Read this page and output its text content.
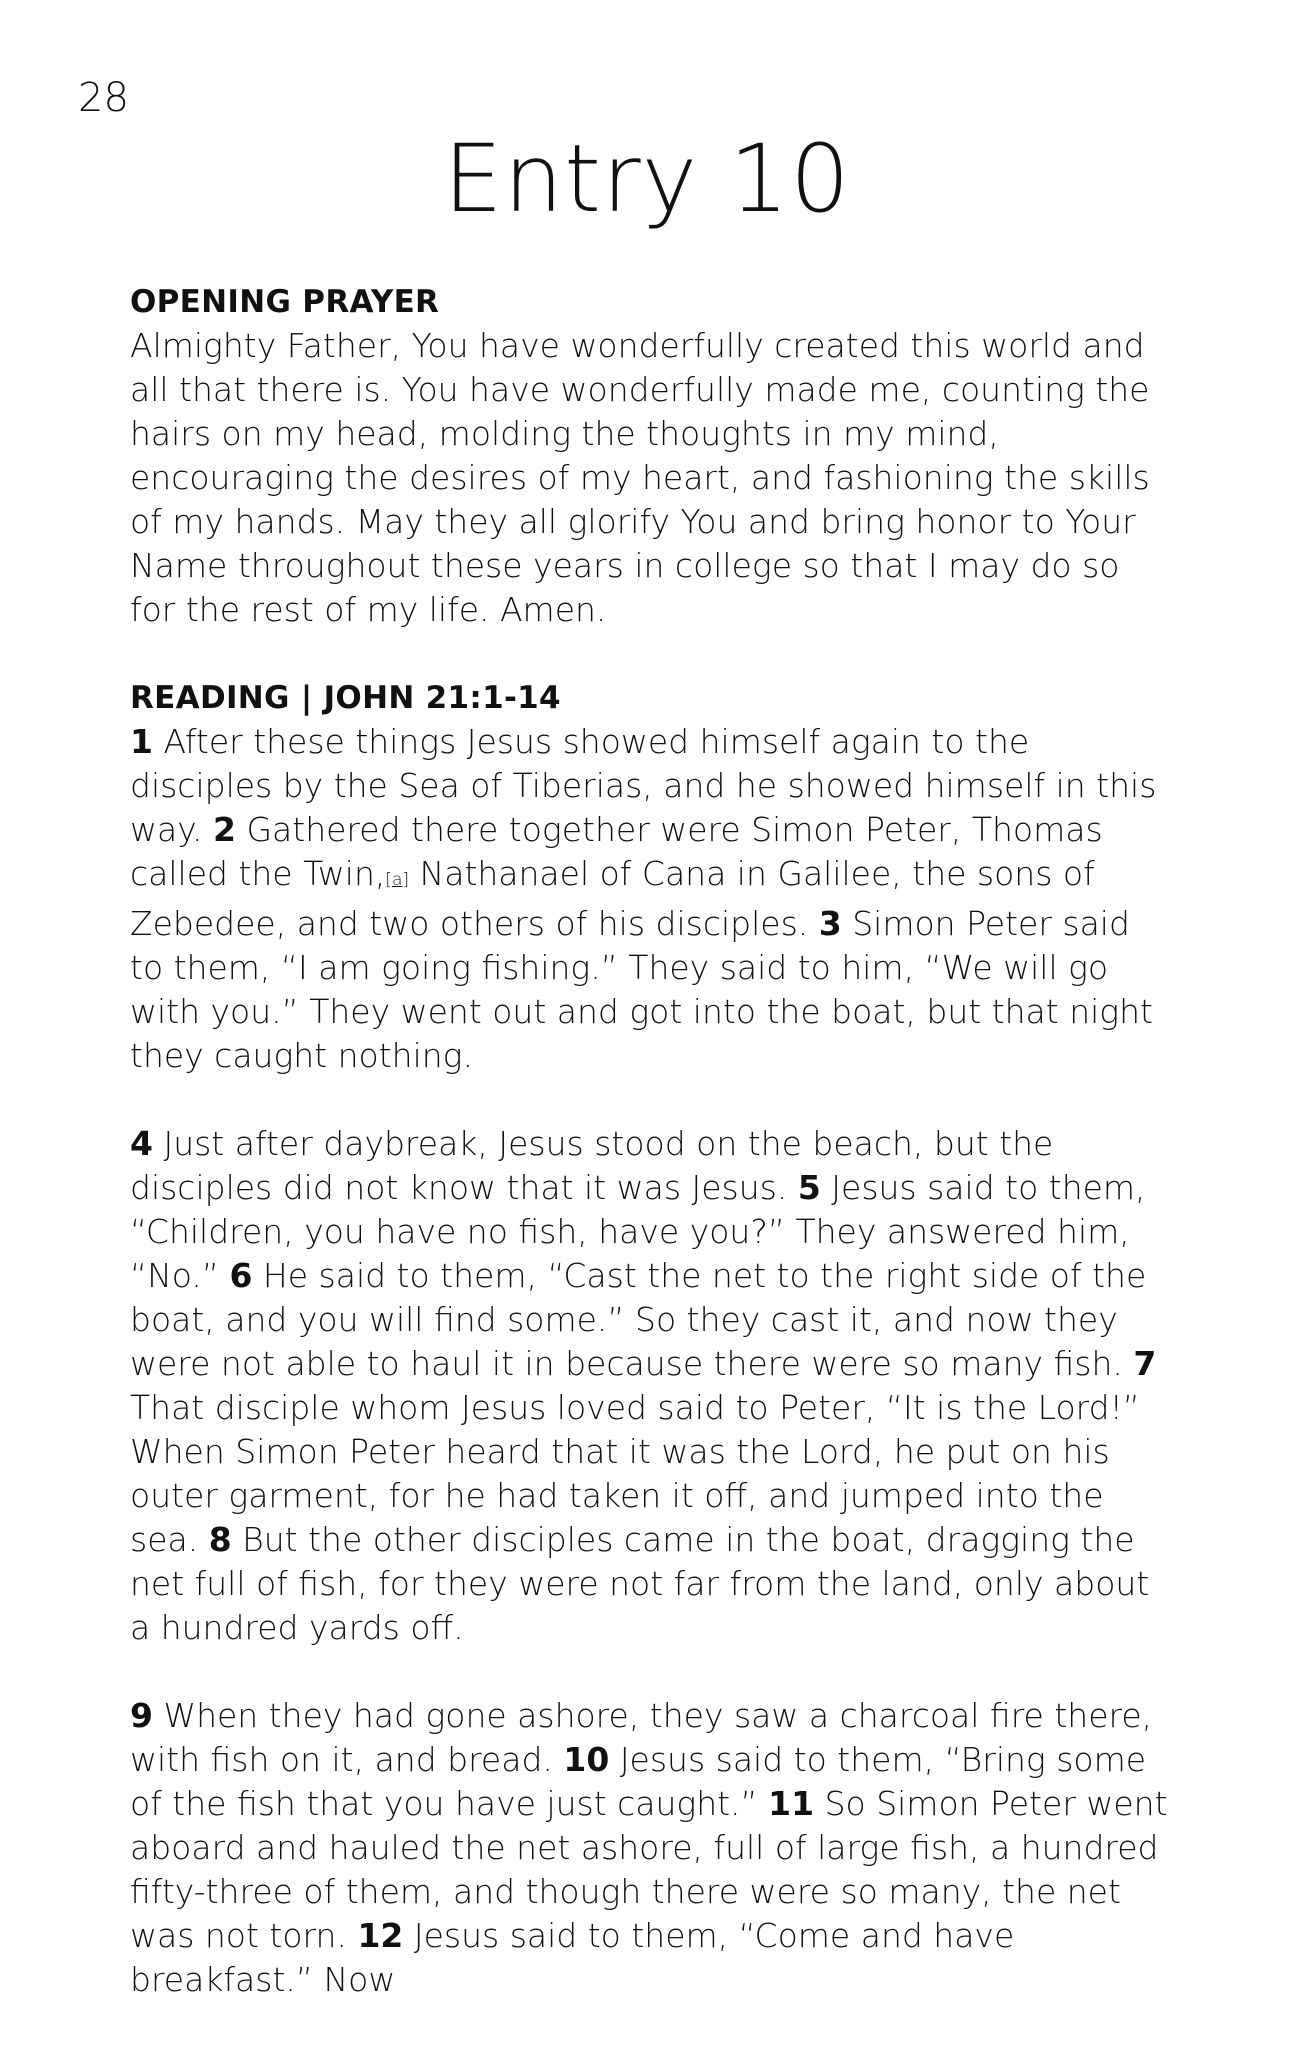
28
Entry 10
OPENING PRAYER

Almighty Father, You have wonderfully created this world and all that there is. You have wonderfully made me, counting the hairs on my head, molding the thoughts in my mind, encouraging the desires of my heart, and fashioning the skills of my hands. May they all glorify You and bring honor to Your Name throughout these years in college so that I may do so for the rest of my life. Amen.

READING | JOHN 21:1-14

1 After these things Jesus showed himself again to the disciples by the Sea of Tiberias, and he showed himself in this way. 2 Gathered there together were Simon Peter, Thomas called the Twin,[a] Nathanael of Cana in Galilee, the sons of Zebedee, and two others of his disciples. 3 Simon Peter said to them, “I am going fishing.” They said to him, “We will go with you.” They went out and got into the boat, but that night they caught nothing.

4 Just after daybreak, Jesus stood on the beach, but the disciples did not know that it was Jesus. 5 Jesus said to them, “Children, you have no fish, have you?” They answered him, “No.” 6 He said to them, “Cast the net to the right side of the boat, and you will find some.” So they cast it, and now they were not able to haul it in because there were so many fish. 7 That disciple whom Jesus loved said to Peter, “It is the Lord!” When Simon Peter heard that it was the Lord, he put on his outer garment, for he had taken it off, and jumped into the sea. 8 But the other disciples came in the boat, dragging the net full of fish, for they were not far from the land, only about a hundred yards off.

9 When they had gone ashore, they saw a charcoal fire there, with fish on it, and bread. 10 Jesus said to them, “Bring some of the fish that you have just caught.” 11 So Simon Peter went aboard and hauled the net ashore, full of large fish, a hundred fifty-three of them, and though there were so many, the net was not torn. 12 Jesus said to them, “Come and have breakfast.” Now
